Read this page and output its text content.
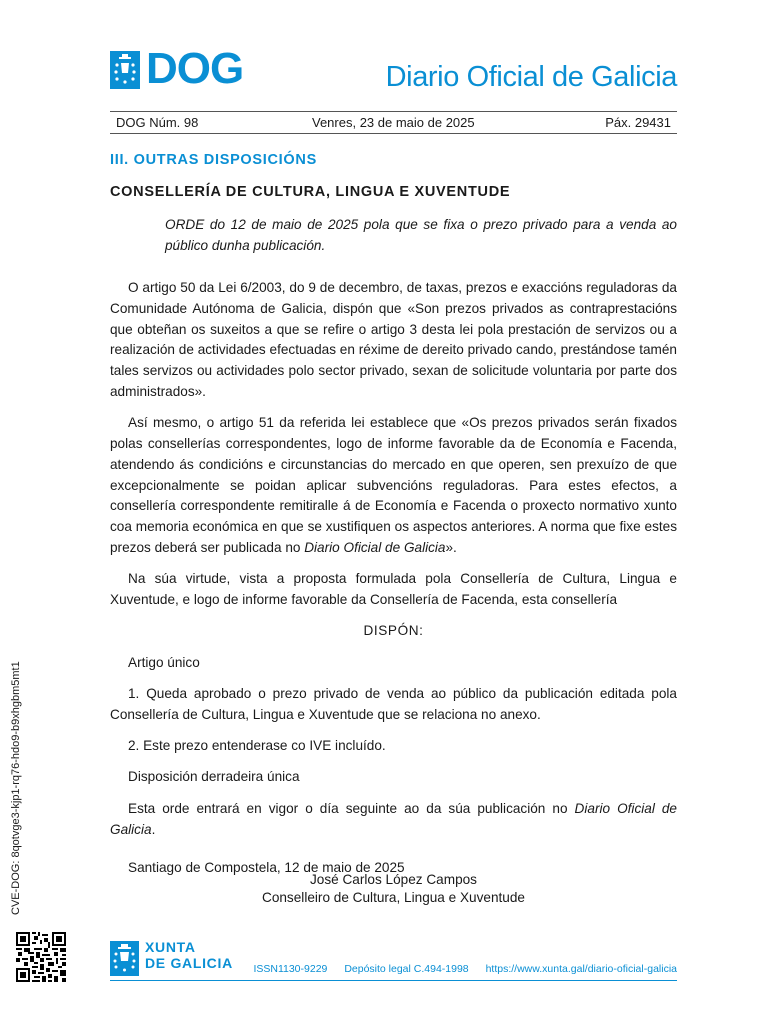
DOG	Diario Oficial de Galicia
DOG Núm. 98	Venres, 23 de maio de 2025	Páx. 29431
III. OUTRAS DISPOSICIÓNS
CONSELLERÍA DE CULTURA, LINGUA E XUVENTUDE
ORDE do 12 de maio de 2025 pola que se fixa o prezo privado para a venda ao público dunha publicación.

O artigo 50 da Lei 6/2003, do 9 de decembro, de taxas, prezos e exaccións reguladoras da Comunidade Autónoma de Galicia, dispón que «Son prezos privados as contraprestacións que obteñan os suxeitos a que se refire o artigo 3 desta lei pola prestación de servizos ou a realización de actividades efectuadas en réxime de dereito privado cando, prestándose tamén tales servizos ou actividades polo sector privado, sexan de solicitude voluntaria por parte dos administrados».

Así mesmo, o artigo 51 da referida lei establece que «Os prezos privados serán fixados polas consellerías correspondentes, logo de informe favorable da de Economía e Facenda, atendendo ás condicións e circunstancias do mercado en que operen, sen prexuízo de que excepcionalmente se poidan aplicar subvencións reguladoras. Para estes efectos, a consellería correspondente remitiralle á de Economía e Facenda o proxecto normativo xunto coa memoria económica en que se xustifiquen os aspectos anteriores. A norma que fixe estes prezos deberá ser publicada no Diario Oficial de Galicia».

Na súa virtude, vista a proposta formulada pola Consellería de Cultura, Lingua e Xuventude, e logo de informe favorable da Consellería de Facenda, esta consellería

DISPÓN:

Artigo único

1. Queda aprobado o prezo privado de venda ao público da publicación editada pola Consellería de Cultura, Lingua e Xuventude que se relaciona no anexo.

2. Este prezo entenderase co IVE incluído.

Disposición derradeira única

Esta orde entrará en vigor o día seguinte ao da súa publicación no Diario Oficial de Galicia.

Santiago de Compostela, 12 de maio de 2025

José Carlos López Campos
Conselleiro de Cultura, Lingua e Xuventude
CVE-DOG: 8qotvge3-kjp1-rq76-hdo9-b9xhgbm5mt1
XUNTA
DE GALICIA ISSN1130-9229 Depósito legal C.494-1998 https://www.xunta.gal/diario-oficial-galicia
